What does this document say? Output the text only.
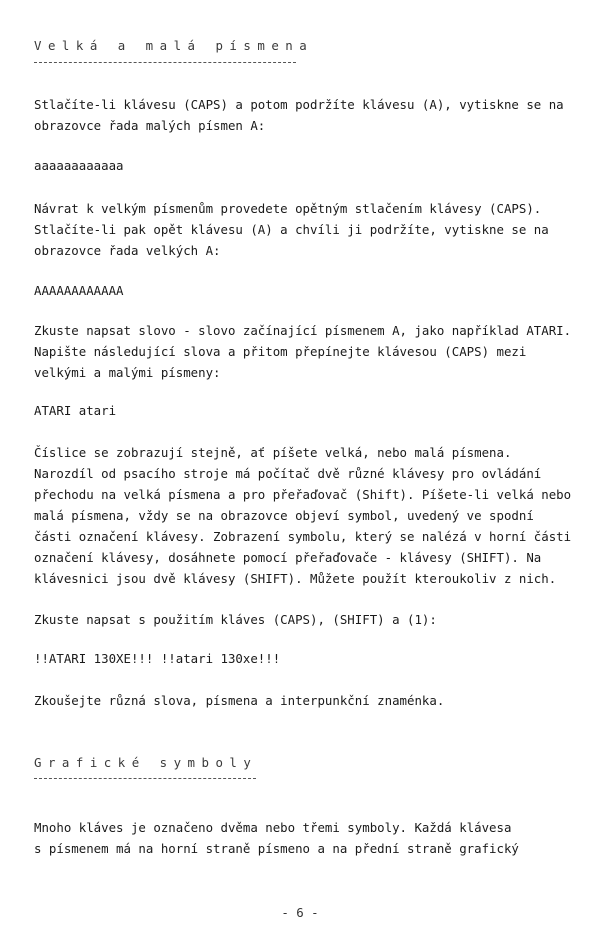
Velká a malá písmena
Stlačíte-li klávesu (CAPS) a potom podržíte klávesu (A), vytiskne se na
obrazovce řada malých písmen A:
aaaaaaaaaaaa
Návrat k velkým písmenům provedete opětným stlačením klávesy (CAPS).
Stlačíte-li pak opět klávesu (A) a chvíli ji podržíte, vytiskne se na
obrazovce řada velkých A:
AAAAAAAAAAAA
Zkuste napsat slovo - slovo začínající písmenem A, jako například ATARI.
Napište následující slova a přitom přepínejte klávesou (CAPS) mezi
velkými a malými písmeny:
ATARI atari
Číslice se zobrazují stejně, ať píšete velká, nebo malá písmena.
Narozdíl od psacího stroje má počítač dvě různé klávesy pro ovládání
přechodu na velká písmena a pro přeřaďovač (Shift). Píšete-li velká nebo
malá písmena, vždy se na obrazovce objeví symbol, uvedený ve spodní
části označení klávesy. Zobrazení symbolu, který se nalézá v horní části
označení klávesy, dosáhnete pomocí přeřaďovače - klávesy (SHIFT). Na
klávesnici jsou dvě klávesy (SHIFT). Můžete použít kteroukoliv z nich.
Zkuste napsat s použitím kláves (CAPS), (SHIFT) a (1):
!!ATARI 130XE!!! !!atari 130xe!!!
Zkoušejte různá slova, písmena a interpunkční znaménka.
Grafické symboly
Mnoho kláves je označeno dvěma nebo třemi symboly. Každá klávesa
s písmenem má na horní straně písmeno a na přední straně grafický
- 6 -
